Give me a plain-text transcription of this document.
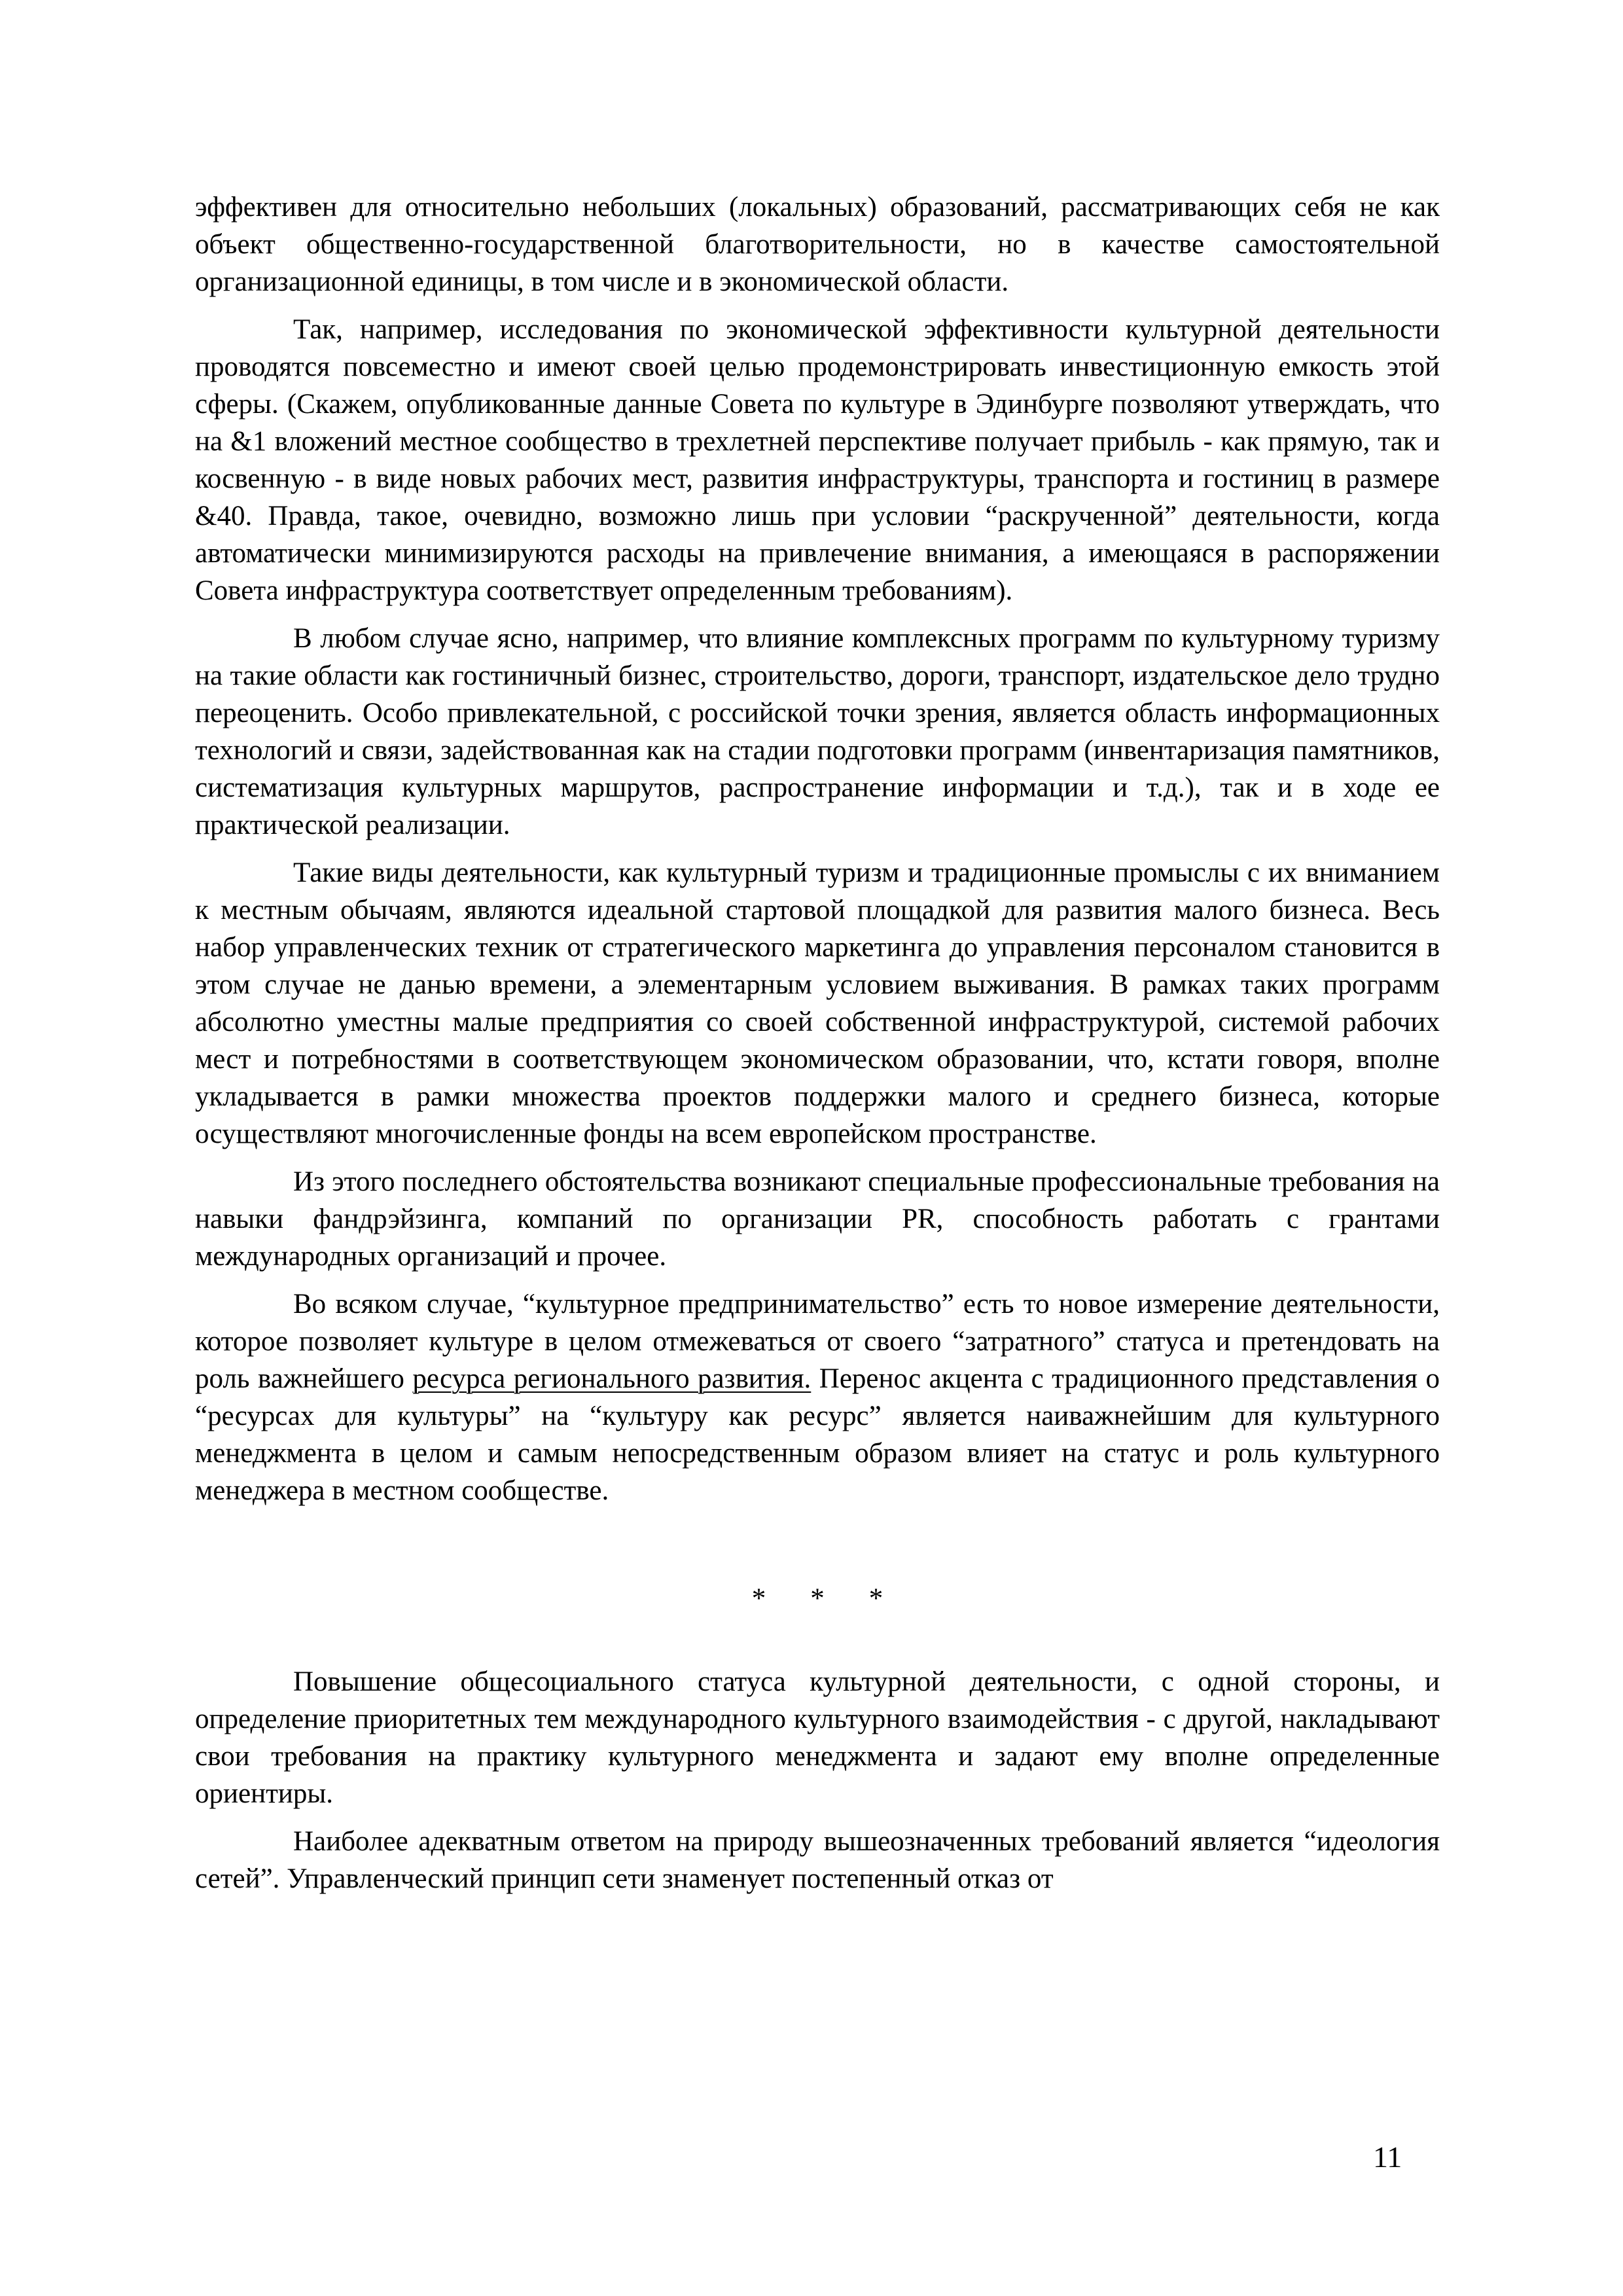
эффективен для относительно небольших (локальных) образований, рассматривающих себя не как объект общественно-государственной благотворительности, но в качестве самостоятельной организационной единицы, в том числе и в экономической области.

Так, например, исследования по экономической эффективности культурной деятельности проводятся повсеместно и имеют своей целью продемонстрировать инвестиционную емкость этой сферы. (Скажем, опубликованные данные Совета по культуре в Эдинбурге позволяют утверждать, что на &1 вложений местное сообщество в трехлетней перспективе получает прибыль - как прямую, так и косвенную - в виде новых рабочих мест, развития инфраструктуры, транспорта и гостиниц в размере &40. Правда, такое, очевидно, возможно лишь при условии “раскрученной” деятельности, когда автоматически минимизируются расходы на привлечение внимания, а имеющаяся в распоряжении Совета инфраструктура соответствует определенным требованиям).

В любом случае ясно, например, что влияние комплексных программ по культурному туризму на такие области как гостиничный бизнес, строительство, дороги, транспорт, издательское дело трудно переоценить. Особо привлекательной, с российской точки зрения, является область информационных технологий и связи, задействованная как на стадии подготовки программ (инвентаризация памятников, систематизация культурных маршрутов, распространение информации и т.д.), так и в ходе ее практической реализации.

Такие виды деятельности, как культурный туризм и традиционные промыслы с их вниманием к местным обычаям, являются идеальной стартовой площадкой для развития малого бизнеса. Весь набор управленческих техник от стратегического маркетинга до управления персоналом становится в этом случае не данью времени, а элементарным условием выживания. В рамках таких программ абсолютно уместны малые предприятия со своей собственной инфраструктурой, системой рабочих мест и потребностями в соответствующем экономическом образовании, что, кстати говоря, вполне укладывается в рамки множества проектов поддержки малого и среднего бизнеса, которые осуществляют многочисленные фонды на всем европейском пространстве.

Из этого последнего обстоятельства возникают специальные профессиональные требования на навыки фандрэйзинга, компаний по организации PR, способность работать с грантами международных организаций и прочее.

Во всяком случае, “культурное предпринимательство” есть то новое измерение деятельности, которое позволяет культуре в целом отмежеваться от своего “затратного” статуса и претендовать на роль важнейшего ресурса регионального развития. Перенос акцента с традиционного представления о “ресурсах для культуры” на “культуру как ресурс” является наиважнейшим для культурного менеджмента в целом и самым непосредственным образом влияет на статус и роль культурного менеджера в местном сообществе.

* * *

Повышение общесоциального статуса культурной деятельности, с одной стороны, и определение приоритетных тем международного культурного взаимодействия - с другой, накладывают свои требования на практику культурного менеджмента и задают ему вполне определенные ориентиры.

Наиболее адекватным ответом на природу вышеозначенных требований является “идеология сетей”. Управленческий принцип сети знаменует постепенный отказ от

11
